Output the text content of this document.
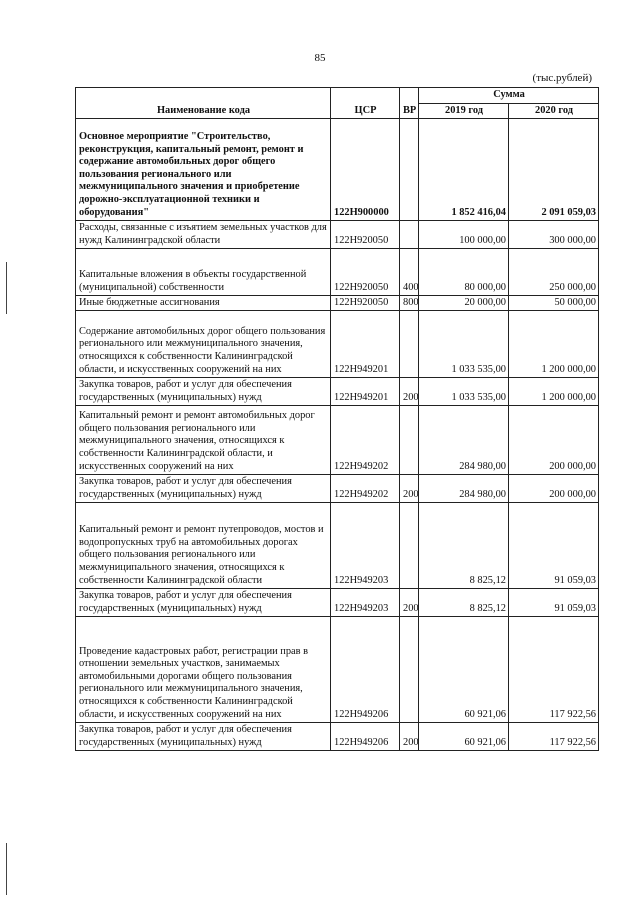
85
(тыс.рублей)
Наименование кода	ЦСР	ВР	Сумма	
			2019 год	2020 год
Основное мероприятие "Строительство, реконструкция, капитальный ремонт, ремонт и содержание автомобильных дорог общего пользования регионального или межмуниципального значения и приобретение дорожно-эксплуатационной техники и оборудования"	122Н900000		1 852 416,04	2 091 059,03
Расходы, связанные с изъятием земельных участков для нужд Калининградской области	122Н920050		100 000,00	300 000,00
Капитальные вложения в объекты государственной (муниципальной) собственности	122Н920050	400	80 000,00	250 000,00
Иные бюджетные ассигнования	122Н920050	800	20 000,00	50 000,00
Содержание автомобильных дорог общего пользования регионального или межмуниципального значения, относящихся к собственности Калининградской области, и искусственных сооружений на них	122Н949201		1 033 535,00	1 200 000,00
Закупка товаров, работ и услуг для обеспечения государственных (муниципальных) нужд	122Н949201	200	1 033 535,00	1 200 000,00
Капитальный ремонт и ремонт автомобильных дорог общего пользования регионального или межмуниципального значения, относящихся к собственности Калининградской области, и искусственных сооружений на них	122Н949202		284 980,00	200 000,00
Закупка товаров, работ и услуг для обеспечения государственных (муниципальных) нужд	122Н949202	200	284 980,00	200 000,00
Капитальный ремонт и ремонт путепроводов, мостов и водопропускных труб на автомобильных дорогах общего пользования регионального или межмуниципального значения, относящихся к собственности Калининградской области	122Н949203		8 825,12	91 059,03
Закупка товаров, работ и услуг для обеспечения государственных (муниципальных) нужд	122Н949203	200	8 825,12	91 059,03
Проведение кадастровых работ, регистрации прав в отношении земельных участков, занимаемых автомобильными дорогами общего пользования регионального или межмуниципального значения, относящихся к собственности Калининградской области, и искусственных сооружений на них	122Н949206		60 921,06	117 922,56
Закупка товаров, работ и услуг для обеспечения государственных (муниципальных) нужд	122Н949206	200	60 921,06	117 922,56
